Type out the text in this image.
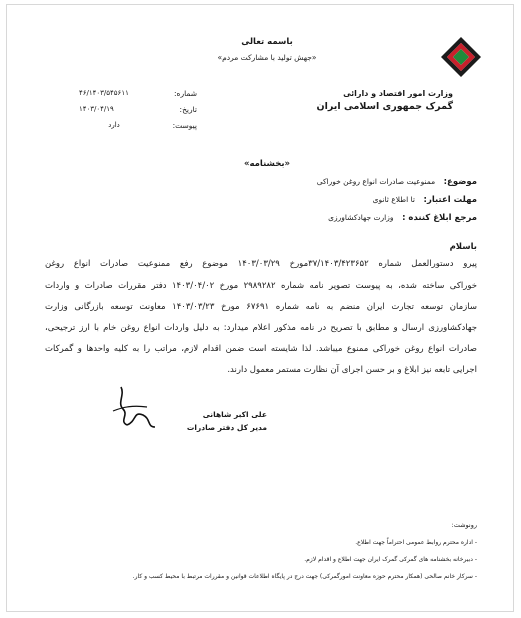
باسمه تعالی
«جهش تولید با مشارکت مردم»
وزارت امور اقتصاد و دارائی
گمرک جمهوری اسلامی ایران
شماره:
۴۶/۱۴۰۳/۵۴۵۶۱۱
تاریخ:
۱۴۰۳/۰۴/۱۹
پیوست:
دارد
«بخشنامه»
موضوع: ممنوعیت صادرات انواع روغن خوراکی
مهلت اعتبار: تا اطلاع ثانوی
مرجع ابلاغ کننده : وزارت جهادکشاورزی
باسلام
پیرو دستورالعمل شماره ۳۷/۱۴۰۳/۴۲۳۶۵۲مورخ ۱۴۰۳/۰۳/۲۹ موضوع رفع ممنوعیت صادرات انواع روغن
خوراکی ساخته شده، به پیوست تصویر نامه شماره ۲۹۸۹۲۸۲ مورخ ۱۴۰۳/۰۴/۰۲ دفتر مقررات صادرات و واردات
سازمان توسعه تجارت ایران منضم به نامه شماره ۶۷۶۹۱ مورخ ۱۴۰۳/۰۳/۲۳ معاونت توسعه بازرگانی وزارت
جهادکشاورزی ارسال و مطابق با تصریح در نامه مذکور اعلام میدارد: به دلیل واردات انواع روغن خام با ارز ترجیحی،
صادرات انواع روغن خوراکی ممنوع میباشد. لذا شایسته است ضمن اقدام لازم، مراتب را به کلیه واحدها و گمرکات
اجرایی تابعه نیز ابلاغ و بر حسن اجرای آن نظارت مستمر معمول دارند.
علی اکبر شاهانی
مدیر کل دفتر صادرات
رونوشت:
- اداره محترم روابط عمومی احتراماً جهت اطلاع.
- دبیرخانه بخشنامه های گمرکی گمرک ایران جهت اطلاع و اقدام لازم.
- سرکار خانم صالحی (همکار محترم حوزه معاونت امورگمرکی) جهت درج در پایگاه اطلاعات قوانین و مقررات مرتبط با محیط کسب و کار.
